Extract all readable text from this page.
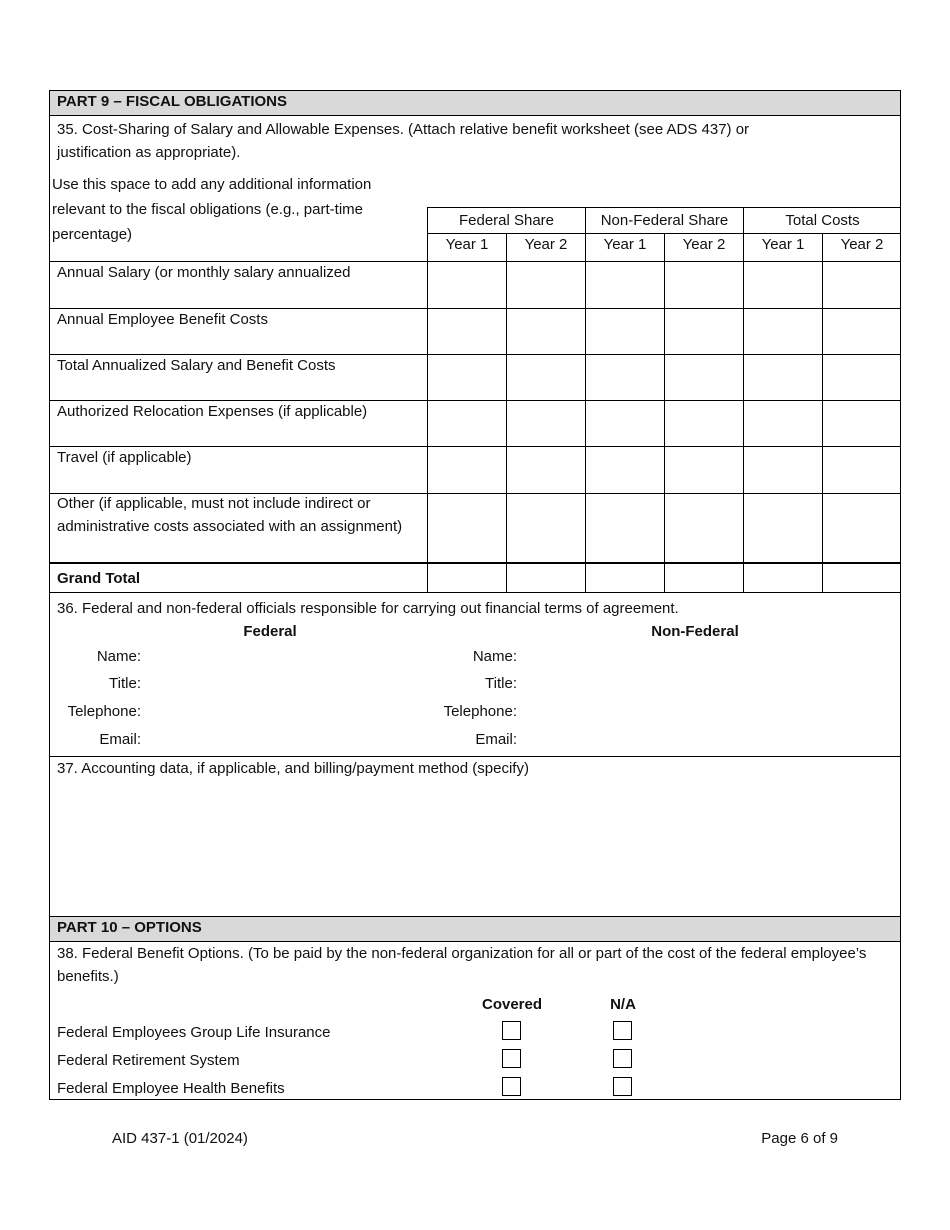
PART 9 – FISCAL OBLIGATIONS
35. Cost-Sharing of Salary and Allowable Expenses. (Attach relative benefit worksheet (see ADS 437) or justification as appropriate).
Use this space to add any additional information relevant to the fiscal obligations (e.g., part-time percentage)
Federal Share	Non-Federal Share	Total Costs
Year 1	Year 2	Year 1	Year 2	Year 1	Year 2
Annual Salary (or monthly salary annualized
Annual Employee Benefit Costs
Total Annualized Salary and Benefit Costs
Authorized Relocation Expenses (if applicable)
Travel (if applicable)
Other (if applicable, must not include indirect or administrative costs associated with an assignment)
Grand Total
36. Federal and non-federal officials responsible for carrying out financial terms of agreement.
Federal	Non-Federal
Name:
Title:
Telephone:
Email:
Name:
Title:
Telephone:
Email:
37. Accounting data, if applicable, and billing/payment method (specify)
PART 10 – OPTIONS
38. Federal Benefit Options. (To be paid by the non-federal organization for all or part of the cost of the federal employee’s benefits.)
Covered	N/A
Federal Employees Group Life Insurance
Federal Retirement System
Federal Employee Health Benefits
AID 437-1 (01/2024)	Page 6 of 9
